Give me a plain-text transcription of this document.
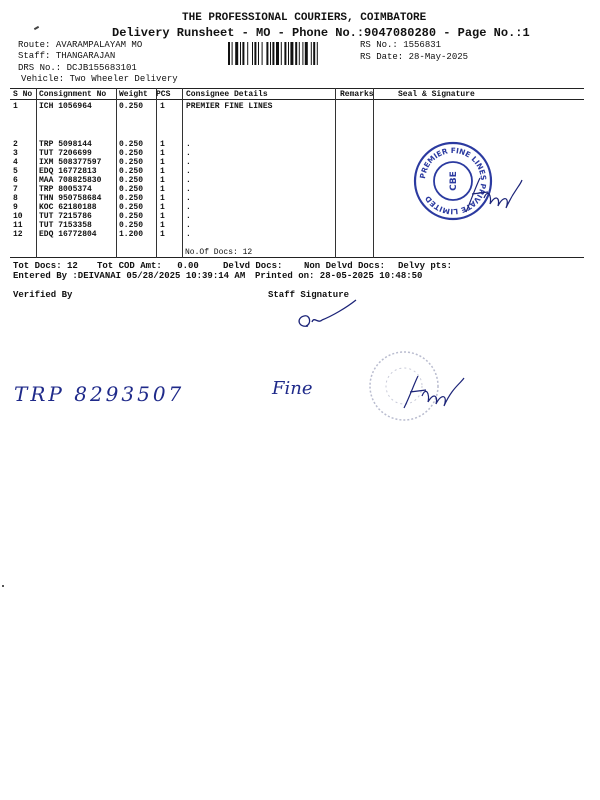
THE PROFESSIONAL COURIERS, COIMBATORE
Delivery Runsheet - MO - Phone No.:9047080280 - Page No.:1
Route: AVARAMPALAYAM MO
Staff: THANGARAJAN
DRS No.: DCJB155683101
Vehicle: Two Wheeler Delivery
RS No.: 1556831
RS Date: 28-May-2025
S No Consignment No Weight PCS Consignee Details	Remarks	Seal & Signature
1	ICH 1056964	0.250 1	PREMIER FINE LINES
2	TRP 5098144	0.250 1	.
3	TUT 7206699	0.250 1	.
4	IXM 508377597 0.250 1	.
5	EDQ 16772813	0.250 1	.
6	MAA 708825830 0.250 1	.
7	TRP 8005374	0.250 1	.
8	THN 950758684 0.250 1	.
9	KOC 62180188	0.250 1	.
10 TUT 7215786	0.250 1	.
11 TUT 7153358	0.250 1	.
12 EDQ 16772804	1.200 1	.
No.Of Docs: 12
PREMIER FINE LINES PRIVATE LIMITED
CBE
Tot Docs: 12 Tot COD Amt: 0.00	Delvd Docs: Non Delvd Docs: Delvy pts:
Entered By :DEIVANAI 05/28/2025 10:39:14 AM Printed on: 28-05-2025 10:48:50
Verified By	Staff Signature
TRP 8293507	Fine
